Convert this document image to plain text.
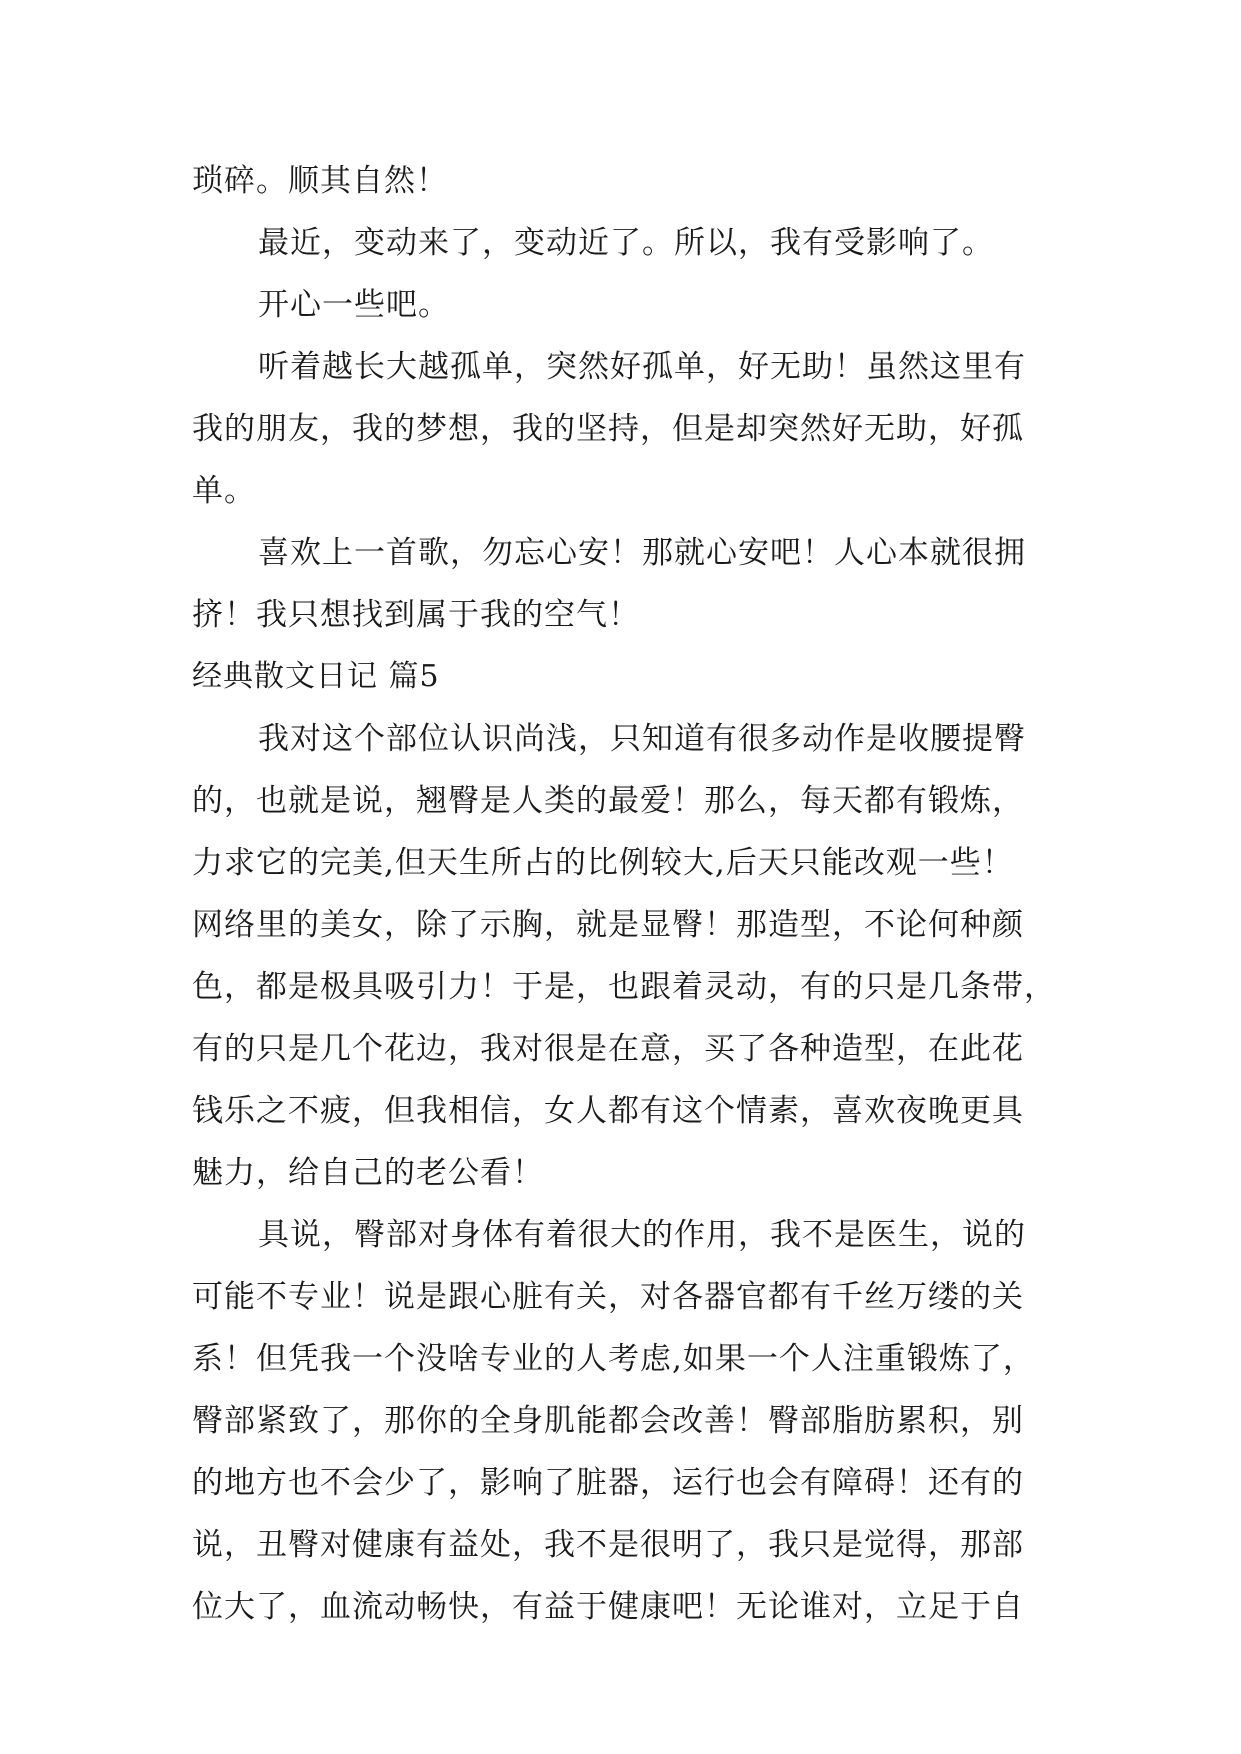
琐碎。顺其自然！
最近，变动来了，变动近了。所以，我有受影响了。
开心一些吧。
听着越长大越孤单，突然好孤单，好无助！虽然这里有
我的朋友，我的梦想，我的坚持，但是却突然好无助，好孤
单。
喜欢上一首歌，勿忘心安！那就心安吧！人心本就很拥
挤！我只想找到属于我的空气！
经典散文日记 篇5
我对这个部位认识尚浅，只知道有很多动作是收腰提臀
的，也就是说，翘臀是人类的最爱！那么，每天都有锻炼，
力求它的完美,但天生所占的比例较大,后天只能改观一些！
网络里的美女，除了示胸，就是显臀！那造型，不论何种颜
色，都是极具吸引力！于是，也跟着灵动，有的只是几条带，
有的只是几个花边，我对很是在意，买了各种造型，在此花
钱乐之不疲，但我相信，女人都有这个情素，喜欢夜晚更具
魅力，给自己的老公看！
具说，臀部对身体有着很大的作用，我不是医生，说的
可能不专业！说是跟心脏有关，对各器官都有千丝万缕的关
系！但凭我一个没啥专业的人考虑,如果一个人注重锻炼了，
臀部紧致了，那你的全身肌能都会改善！臀部脂肪累积，别
的地方也不会少了，影响了脏器，运行也会有障碍！还有的
说，丑臀对健康有益处，我不是很明了，我只是觉得，那部
位大了，血流动畅快，有益于健康吧！无论谁对，立足于自
